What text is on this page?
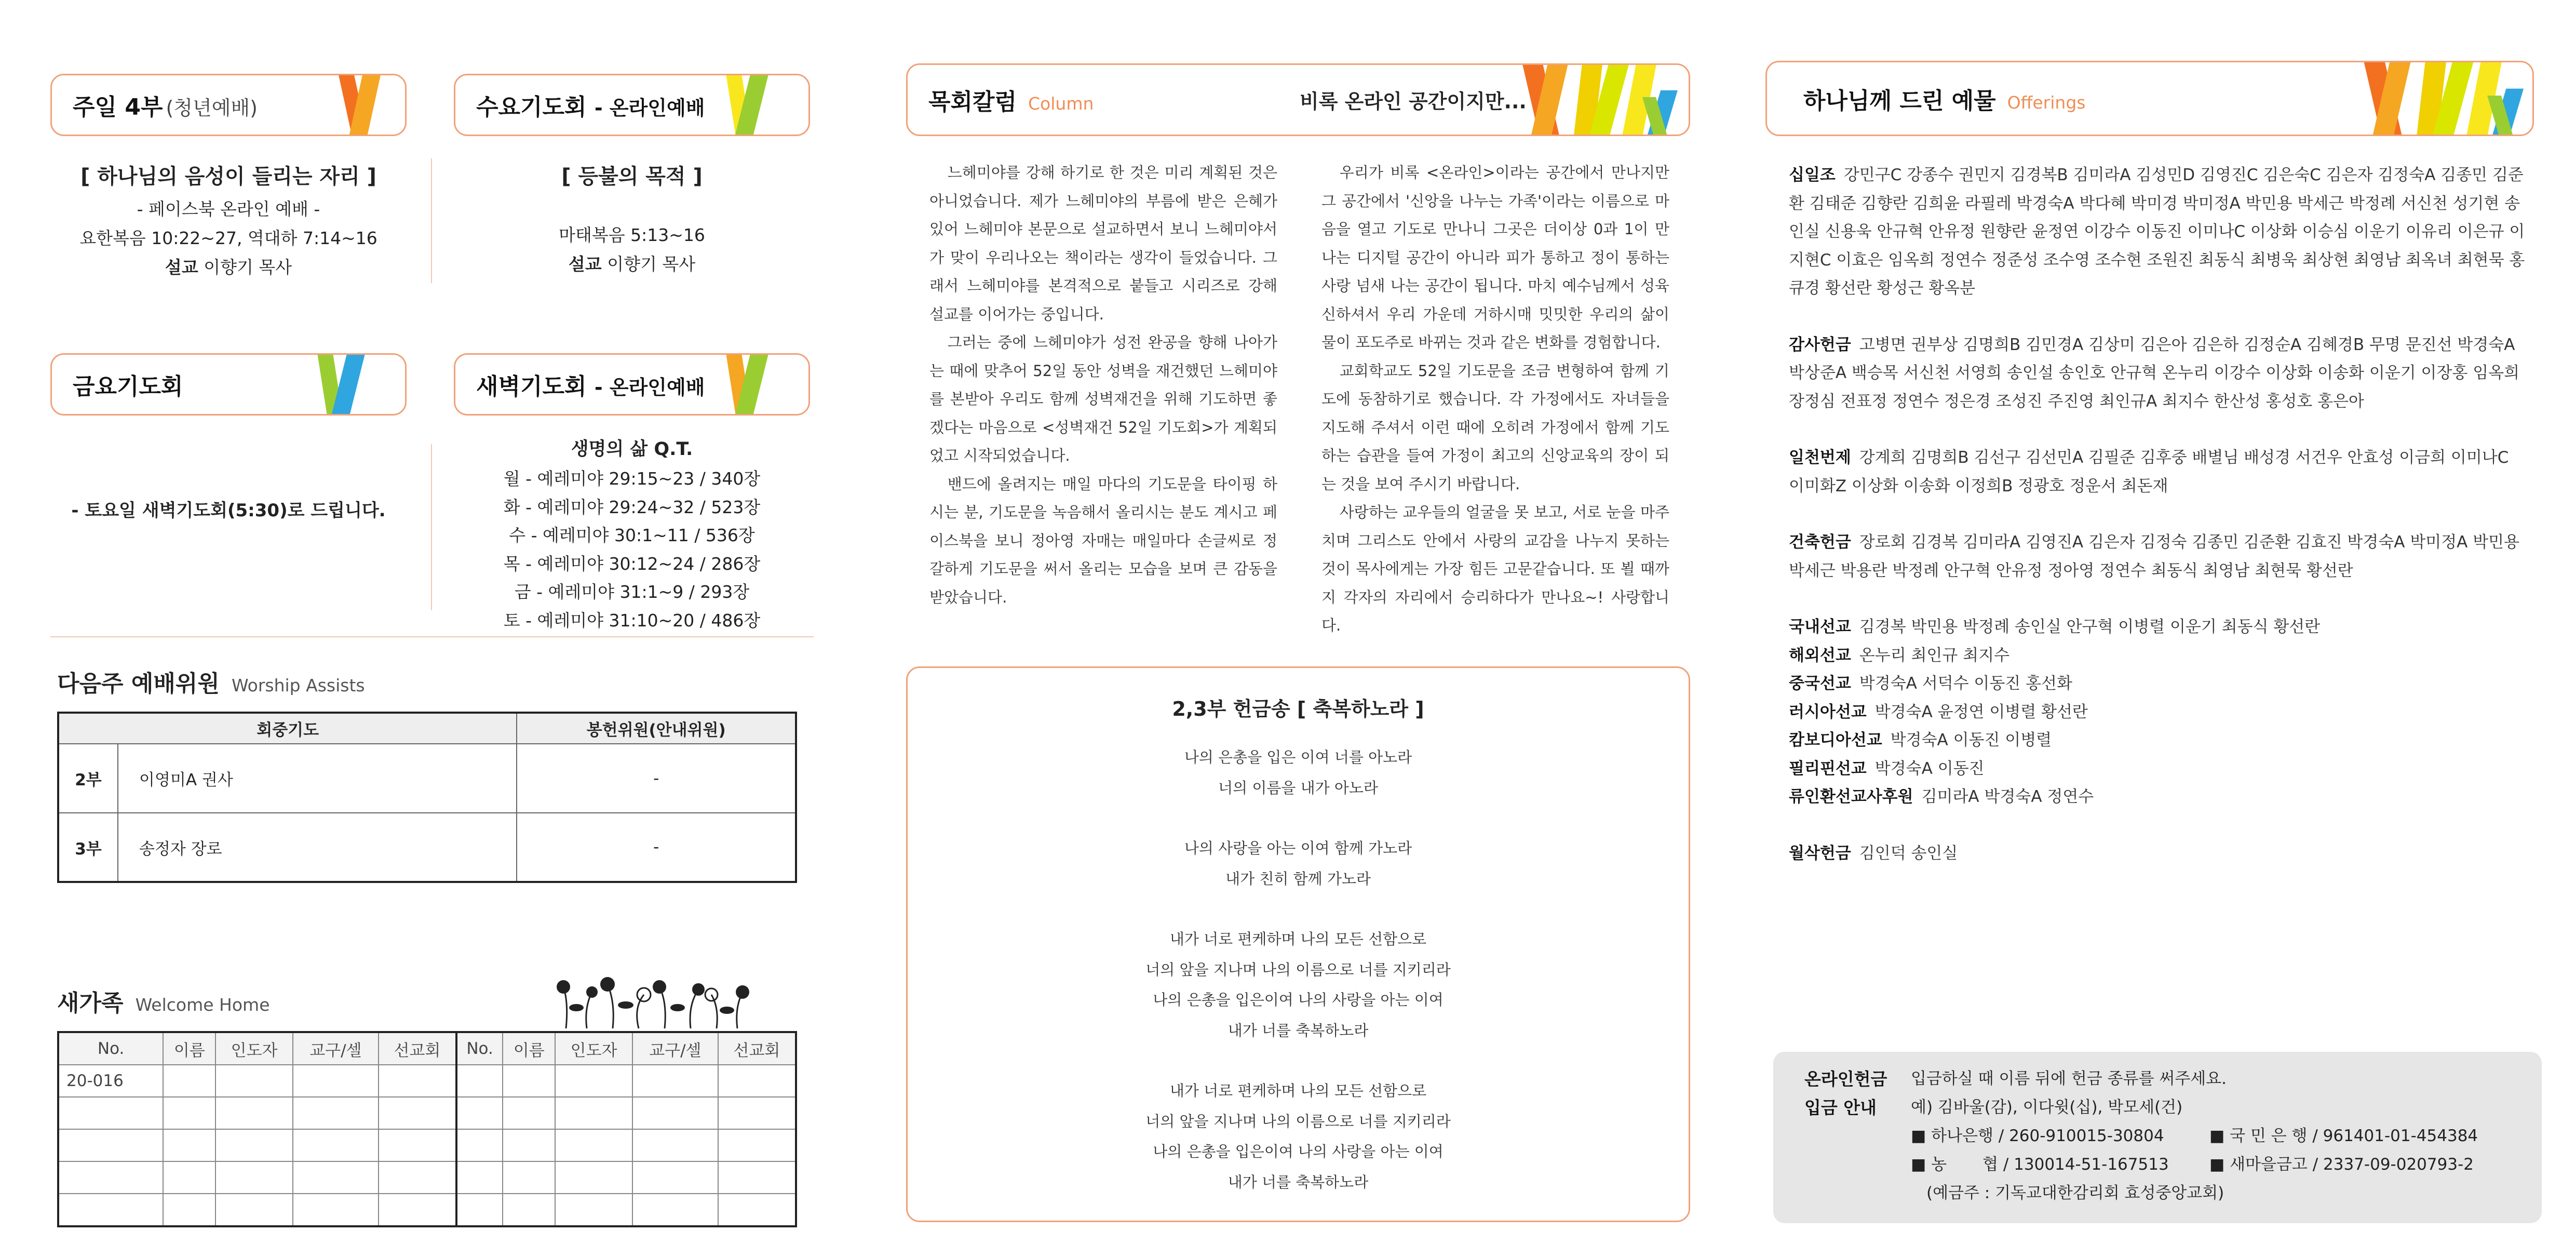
주일 4부 (청년예배)	수요기도회 - 온라인예배
[ 하나님의 음성이 들리는 자리 ]
- 페이스북 온라인 예배 -
요한복음 10:22~27, 역대하 7:14~16
설교 이향기 목사
[ 등불의 목적 ]
마태복음 5:13~16
설교 이향기 목사
금요기도회	새벽기도회 - 온라인예배
- 토요일 새벽기도회(5:30)로 드립니다.
생명의 삶 Q.T.
월 - 예레미야 29:15~23 / 340장
화 - 예레미야 29:24~32 / 523장
수 - 예레미야 30:1~11 / 536장
목 - 예레미야 30:12~24 / 286장
금 - 예레미야 31:1~9 / 293장
토 - 예레미야 31:10~20 / 486장
다음주 예배위원 Worship Assists
회중기도		봉헌위원(안내위원)
2부	이영미A 권사	-
3부	송정자 장로	-
새가족 Welcome Home
No.	이름	인도자	교구/셀	선교회	No.	이름	인도자	교구/셀	선교회
20-016									

목회칼럼 Column	비록 온라인 공간이지만...

느헤미야를 강해 하기로 한 것은 미리 계획된 것은 아니었습니다. 제가 느헤미야의 부름에 받은 은혜가 있어 느헤미야 본문으로 설교하면서 보니 느헤미야서가 맞이 우리나오는 책이라는 생각이 들었습니다. 그래서 느헤미야를 본격적으로 붙들고 시리즈로 강해 설교를 이어가는 중입니다.

그러는 중에 느헤미야가 성전 완공을 향해 나아가는 때에 맞추어 52일 동안 성벽을 재건했던 느헤미야를 본받아 우리도 함께 성벽재건을 위해 기도하면 좋겠다는 마음으로 <성벽재건 52일 기도회>가 계획되었고 시작되었습니다.

밴드에 올려지는 매일 마다의 기도문을 타이핑 하시는 분, 기도문을 녹음해서 올리시는 분도 계시고 페이스북을 보니 정아영 자매는 매일마다 손글씨로 정갈하게 기도문을 써서 올리는 모습을 보며 큰 감동을 받았습니다.

우리가 비록 <온라인>이라는 공간에서 만나지만 그 공간에서 '신앙을 나누는 가족'이라는 이름으로 마음을 열고 기도로 만나니 그곳은 더이상 0과 1이 만나는 디지털 공간이 아니라 피가 통하고 정이 통하는 사랑 넘새 나는 공간이 됩니다. 마치 예수님께서 성육신하셔서 우리 가운데 거하시매 밋밋한 우리의 삶이 물이 포도주로 바뀌는 것과 같은 변화를 경험합니다.

교회학교도 52일 기도문을 조금 변형하여 함께 기도에 동참하기로 했습니다. 각 가정에서도 자녀들을 지도해 주셔서 이런 때에 오히려 가정에서 함께 기도하는 습관을 들여 가정이 최고의 신앙교육의 장이 되는 것을 보여 주시기 바랍니다.

사랑하는 교우들의 얼굴을 못 보고, 서로 눈을 마주치며 그리스도 안에서 사랑의 교감을 나누지 못하는 것이 목사에게는 가장 힘든 고문같습니다. 또 뵐 때까지 각자의 자리에서 승리하다가 만나요~! 사랑합니다.

2,3부 헌금송 [ 축복하노라 ]
나의 은총을 입은 이여 너를 아노라
너의 이름을 내가 아노라
나의 사랑을 아는 이여 함께 가노라
내가 친히 함께 가노라
내가 너로 편케하며 나의 모든 선함으로
너의 앞을 지나며 나의 이름으로 너를 지키리라
나의 은총을 입은이여 나의 사랑을 아는 이여
내가 너를 축복하노라
내가 너로 편케하며 나의 모든 선함으로
너의 앞을 지나며 나의 이름으로 너를 지키리라
나의 은총을 입은이여 나의 사랑을 아는 이여
내가 너를 축복하노라
하나님께 드린 예물 Offerings
십일조 강민구C 강종수 권민지 김경복B 김미라A 김성민D 김영진C 김은숙C 김은자 김정숙A 김종민 김준환 김태준 김향란 김희윤 라필레 박경숙A 박다혜 박미경 박미정A 박민용 박세근 박정례 서신천 성기현 송인실 신용욱 안규혁 안유정 원향란 윤정연 이강수 이동진 이미나C 이상화 이승심 이운기 이유리 이은규 이지현C 이효은 임옥희 정연수 정준성 조수영 조수현 조원진 최동식 최병욱 최상현 최영남 최옥녀 최현묵 홍큐경 황선란 황성근 황옥분
감사헌금 고병면 권부상 김명희B 김민경A 김상미 김은아 김은하 김정순A 김혜경B 무명 문진선 박경숙A 박상준A 백승목 서신천 서영희 송인설 송인호 안규혁 온누리 이강수 이상화 이송화 이운기 이장홍 임옥희 장정심 전표정 정연수 정은경 조성진 주진영 최인규A 최지수 한산성 홍성호 홍은아
일천번제 강계희 김명희B 김선구 김선민A 김필준 김후중 배별님 배성경 서건우 안효성 이금희 이미나C 이미화Z 이상화 이송화 이정희B 정광호 정운서 최돈재
건축헌금 장로회 김경복 김미라A 김영진A 김은자 김정숙 김종민 김준환 김효진 박경숙A 박미정A 박민용 박세근 박용란 박정례 안구혁 안유정 정아영 정연수 최동식 최영남 최현묵 황선란
국내선교 김경복 박민용 박정례 송인실 안구혁 이병렬 이운기 최동식 황선란
해외선교 온누리 최인규 최지수
중국선교 박경숙A 서덕수 이동진 홍선화
러시아선교 박경숙A 윤정연 이병렬 황선란
캄보디아선교 박경숙A 이동진 이병렬
필리핀선교 박경숙A 이동진
류인환선교사후원 김미라A 박경숙A 정연수
월삭헌금 김인덕 송인실
온라인헌금
입금 안내
입금하실 때 이름 뒤에 헌금 종류를 써주세요.
예) 김바울(감), 이다윗(십), 박모세(건)
■ 하나은행 / 260-910015-30804	■ 국 민 은 행 / 961401-01-454384
■ 농       협 / 130014-51-167513	■ 새마을금고 / 2337-09-020793-2
(예금주 : 기독교대한감리회 효성중앙교회)
